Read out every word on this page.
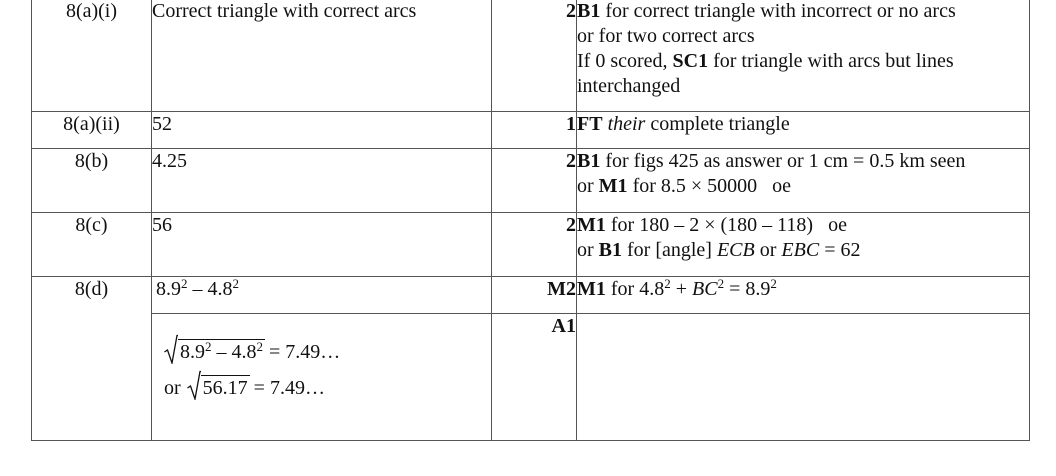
8(a)(i)	Correct triangle with correct arcs	2	B1 for correct triangle with incorrect or no arcs
or for two correct arcs
If 0 scored, SC1 for triangle with arcs but lines
interchanged

8(a)(ii)	52	1	FT their complete triangle
8(b)	4.25	2	B1 for figs 425 as answer or 1 cm = 0.5 km seen
or M1 for 8.5 × 50000   oe

8(c)	56	2	M1 for 180 – 2 × (180 – 118)   oe
or B1 for [angle] ECB or EBC = 62

8(d)	$8.9^2 - 4.8^2$	M2	M1 for $4.8^2 + BC^2 = 8.9^2$

	$8.9^2 - 4.8^2$ = 7.49…
or 56.17 = 7.49…	A1	
